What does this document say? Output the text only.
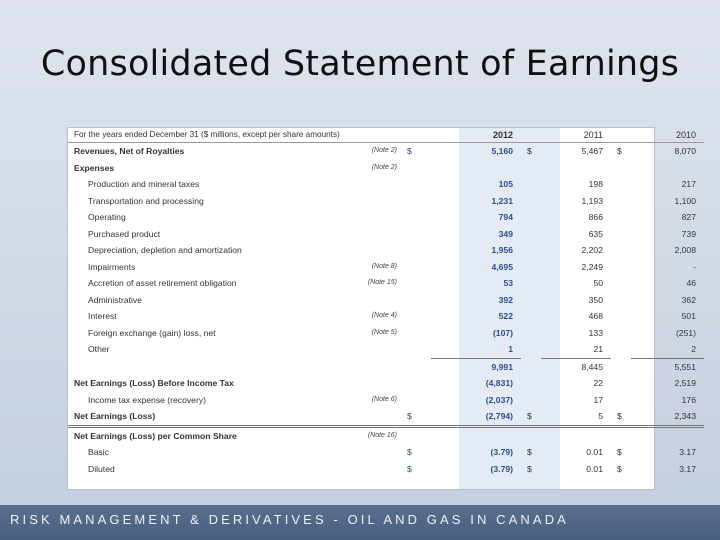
Consolidated Statement of Earnings
For the years ended December 31 ($ millions, except per share amounts)			2012		2011		2010
Revenues, Net of Royalties	(Note 2)	$	5,160	$	5,467	$	8,070
Expenses	(Note 2)						
Production and mineral taxes			105		198		217
Transportation and processing			1,231		1,193		1,100
Operating			794		866		827
Purchased product			349		635		739
Depreciation, depletion and amortization			1,956		2,202		2,008
Impairments	(Note 8)		4,695		2,249		-
Accretion of asset retirement obligation	(Note 15)		53		50		46
Administrative			392		350		362
Interest	(Note 4)		522		468		501
Foreign exchange (gain) loss, net	(Note 5)		(107)		133		(251)
Other			1		21		2
			9,991		8,445		5,551
Net Earnings (Loss) Before Income Tax			(4,831)		22		2,519
Income tax expense (recovery)	(Note 6)		(2,037)		17		176
Net Earnings (Loss)		$	(2,794)	$	5	$	2,343
Net Earnings (Loss) per Common Share	(Note 16)						
Basic		$	(3.79)	$	0.01	$	3.17
Diluted		$	(3.79)	$	0.01	$	3.17
RISK MANAGEMENT & DERIVATIVES - OIL AND GAS IN CANADA
